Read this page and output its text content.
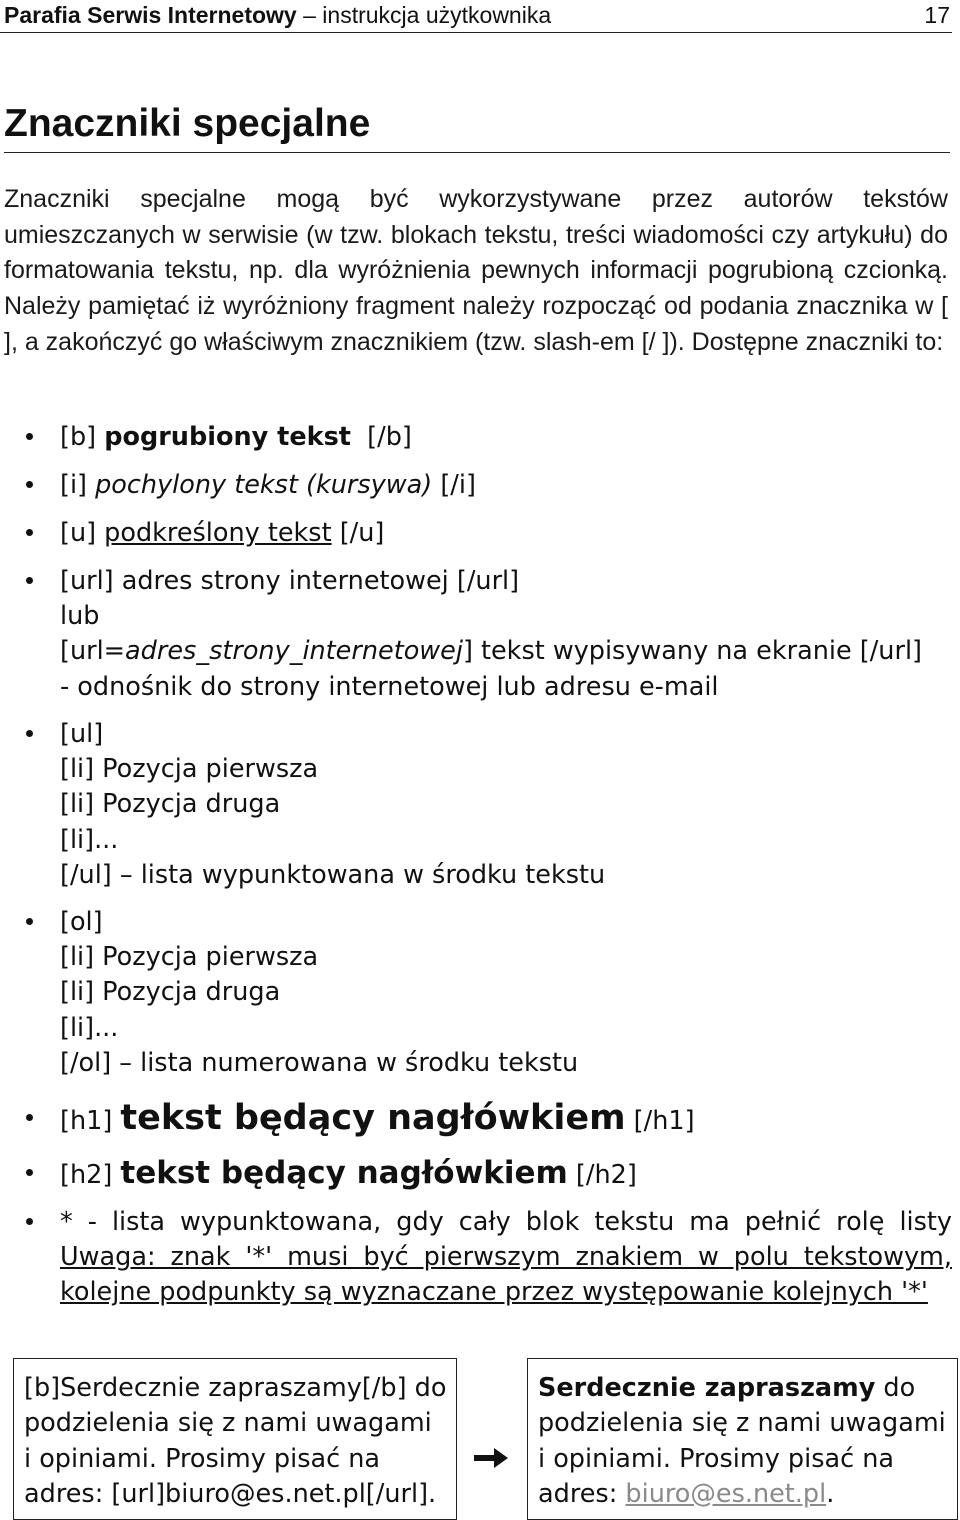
Parafia Serwis Internetowy – instrukcja użytkownika	17
Znaczniki specjalne

Znaczniki specjalne mogą być wykorzystywane przez autorów tekstów umieszczanych w serwisie (w tzw. blokach tekstu, treści wiadomości czy artykułu) do formatowania tekstu, np. dla wyróżnienia pewnych informacji pogrubioną czcionką. Należy pamiętać iż wyróżniony fragment należy rozpocząć od podania znacznika w [ ], a zakończyć go właściwym znacznikiem (tzw. slash-em [/ ]). Dostępne znaczniki to:

[b] pogrubiony tekst  [/b]
[i] pochylony tekst (kursywa) [/i]
[u] podkreślony tekst [/u]
[url] adres strony internetowej [/url]
lub
[url=adres_strony_internetowej] tekst wypisywany na ekranie [/url]
- odnośnik do strony internetowej lub adresu e-mail
[ul]
[li] Pozycja pierwsza
[li] Pozycja druga
[li]...
[/ul] – lista wypunktowana w środku tekstu
[ol]
[li] Pozycja pierwsza
[li] Pozycja druga
[li]...
[/ol] – lista numerowana w środku tekstu
[h1] tekst będący nagłówkiem [/h1]
[h2] tekst będący nagłówkiem [/h2]
* - lista wypunktowana, gdy cały blok tekstu ma pełnić rolę listy
Uwaga: znak '*' musi być pierwszym znakiem w polu tekstowym,
kolejne podpunkty są wyznaczane przez występowanie kolejnych '*'
[b]Serdecznie zapraszamy[/b] do
podzielenia się z nami uwagami
i opiniami. Prosimy pisać na
adres: [url]biuro@es.net.pl[/url].
Serdecznie zapraszamy do
podzielenia się z nami uwagami
i opiniami. Prosimy pisać na
adres: biuro@es.net.pl.
